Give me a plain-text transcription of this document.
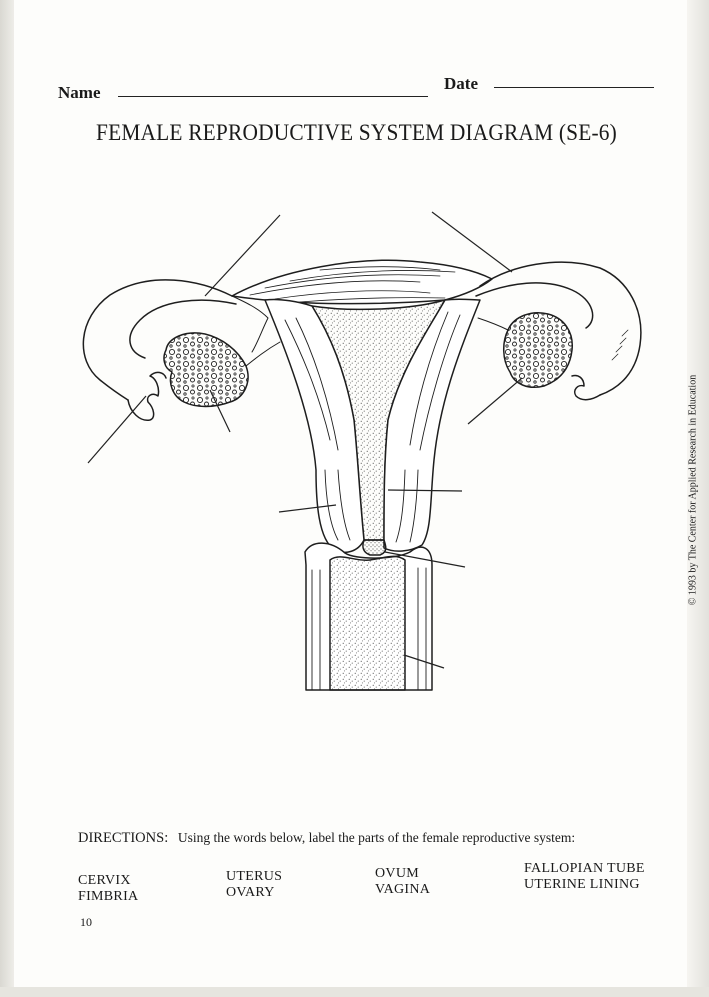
Name	Date
FEMALE REPRODUCTIVE SYSTEM DIAGRAM (SE-6)
© 1993 by The Center for Applied Research in Education
DIRECTIONS: Using the words below, label the parts of the female reproductive system:
CERVIX
FIMBRIA
UTERUS
OVARY
OVUM
VAGINA
FALLOPIAN TUBE
UTERINE LINING
10
